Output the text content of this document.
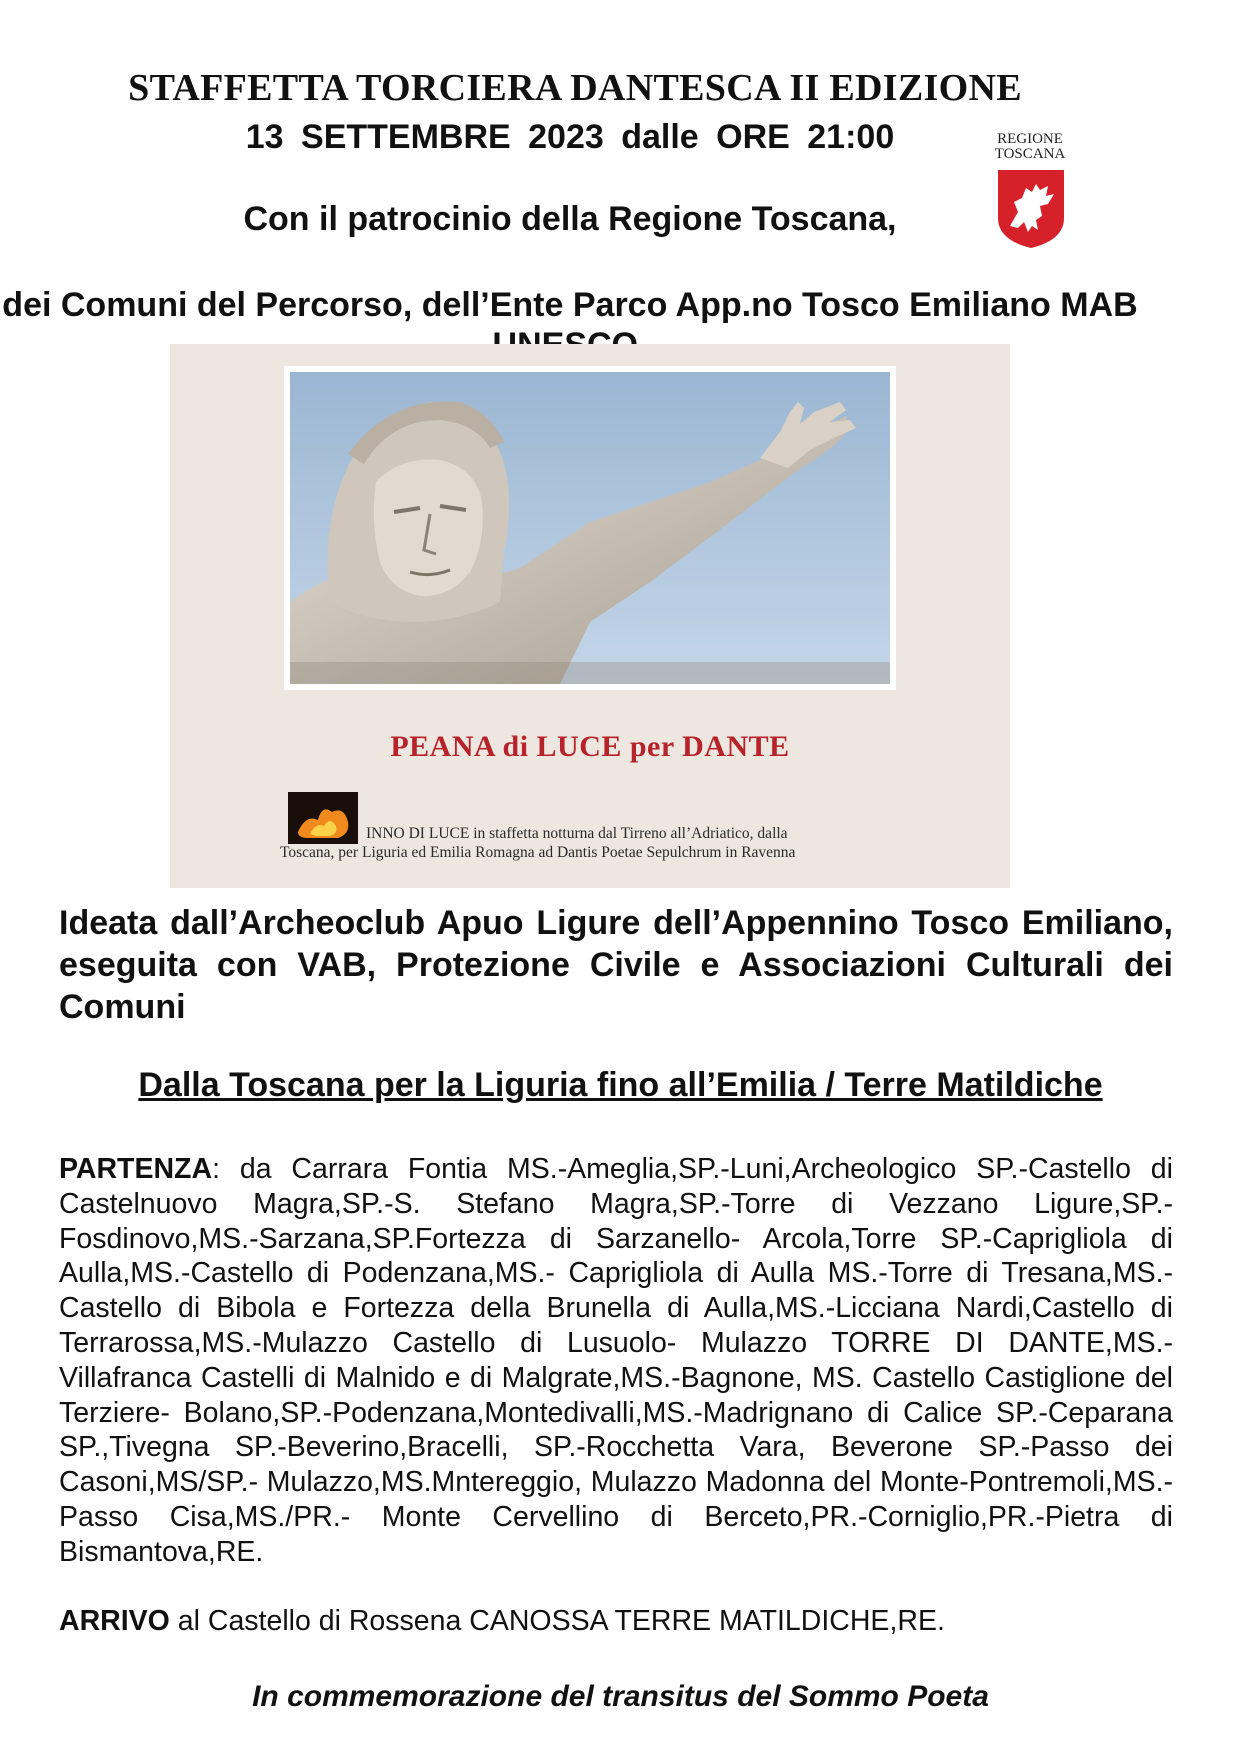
STAFFETTA TORCIERA DANTESCA II EDIZIONE
13 SETTEMBRE 2023 dalle ORE 21:00
Con il patrocinio della Regione Toscana,
dei Comuni del Percorso, dell’Ente Parco App.no Tosco Emiliano MAB
REGIONE
TOSCANA
PEANA di LUCE per DANTE
INNO DI LUCE in staffetta notturna dal Tirreno all’Adriatico, dalla
Toscana, per Liguria ed Emilia Romagna ad Dantis Poetae Sepulchrum in Ravenna
Ideata dall’Archeoclub Apuo Ligure dell’Appennino Tosco Emiliano, eseguita con VAB, Protezione Civile e Associazioni Culturali dei Comuni
Dalla Toscana per la Liguria fino all’Emilia / Terre Matildiche
PARTENZA: da Carrara Fontia MS.-Ameglia,SP.-Luni,Archeologico SP.-Castello di Castelnuovo Magra,SP.-S. Stefano Magra,SP.-Torre di Vezzano Ligure,SP.-Fosdinovo,MS.-Sarzana,SP.Fortezza di Sarzanello- Arcola,Torre SP.-Caprigliola di Aulla,MS.-Castello di Podenzana,MS.- Caprigliola di Aulla MS.-Torre di Tresana,MS.-Castello di Bibola e Fortezza della Brunella di Aulla,MS.-Licciana Nardi,Castello di Terrarossa,MS.-Mulazzo Castello di Lusuolo- Mulazzo TORRE DI DANTE,MS.-Villafranca Castelli di Malnido e di Malgrate,MS.-Bagnone, MS. Castello Castiglione del Terziere- Bolano,SP.-Podenzana,Montedivalli,MS.-Madrignano di Calice SP.-Ceparana SP.,Tivegna SP.-Beverino,Bracelli, SP.-Rocchetta Vara, Beverone SP.-Passo dei Casoni,MS/SP.- Mulazzo,MS.Mntereggio, Mulazzo Madonna del Monte-Pontremoli,MS.-Passo Cisa,MS./PR.- Monte Cervellino di Berceto,PR.-Corniglio,PR.-Pietra di Bismantova,RE.
ARRIVO al Castello di Rossena CANOSSA TERRE MATILDICHE,RE.
In commemorazione del transitus del Sommo Poeta
